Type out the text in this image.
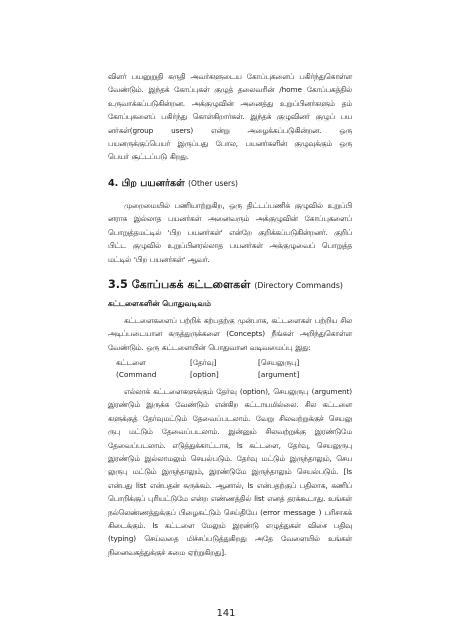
விளர் பயனுறுதி கருதி அவர்களுடைய கோப்புகளைப் பகிர்ந்துகொள்ள வேண்டும். இந்தக் கோப்புகள் குழுத் தலைவரின் /home கோப்பகத்தில் உருவாக்கப்படுகின்றன. அக்குழுவின் அனைத்து உறுப்பினர்களும் தம் கோப்புகளைப் பகிர்ந்து கொள்கிறார்கள். இந்தக் குழுவினர் குழுப் பய னர்கள்(group users) என்று அழைக்கப்படுகின்றன. ஒரு பயனருக்குப்பெயர் இருப்பது போல, பயனர்களின் குழுவுக்கும் ஒரு பெயர் சூட்டப்படு கிறது.

4. பிற பயனர்கள் (Other users)

முறைமையில் பணியாற்றுகிற, ஒரு திட்டப்பணிக் குழுவில் உறுப்பி னராக இல்லாத பயனர்கள் அனைவரும் அக்குழுவின் கோப்புகளைப் பொறுத்தமட்டில் 'பிற பயனர்கள்' என்றே குறிக்கப்படுகின்றனர். குறிப் பிட்ட குழுவில் உறுப்பினரல்லாத பயனர்கள் அக்குழுவைப் பொறுத்த மட்டில் 'பிற பயனர்கள்' ஆவர்.

3.5 கோப்பகக் கட்டளைகள் (Directory Commands)
கட்டளைகளின் பொதுவடிவம்

கட்டளைகளைப் பற்றிக் கற்பதற்கு முன்பாக, கட்டளைகள் பற்றிய சில அடிப்படையான கருத்துருக்களை (Concepts) நீங்கள் அறிந்துகொள்ள வேண்டும். ஒரு கட்டளையின் பொதுவான வடிவமைப்பு இது:

கட்டளை	[தேர்வு]	[செயலுருபு]
(Command	[option]	[argument]

எல்லாக் கட்டளைகளுக்கும் தேர்வு (option), செயலுருபு (argument) இரண்டும் இருக்க வேண்டும் என்கிற கட்டாயமில்லை. சில கட்டளை களுக்குத் தேர்வுமட்டும் தேவைப்படலாம். வேறு சிலவற்றுக்குச் செயலு ருபு மட்டும் தேவைப்படலாம். இன்னும் சிலவற்றுக்கு இரண்டுமே தேவைப்படலாம். எடுத்துக்காட்டாக, ls கட்டளை, தேர்வு, செயலுருபு இரண்டும் இல்லாமலும் செயல்படும். தேர்வு மட்டும் இருந்தாலும், செய லுருபு மட்டும் இருந்தாலும், இரண்டுமே இருந்தாலும் செயல்படும். [ls என்பது list என்பதன் சுருக்கம். ஆனால், ls என்பதற்குப் பதிலாக, கணிப் பொறிக்குப் புரியட்டுமே என்ற எண்ணத்தில் list எனத் தரக்கூடாது. உங்கள் நல்லெண்ணத்துக்குப் பிழைசுட்டும் செய்தியே (error message ) பரிசாகக் கிடைக்கும். ls கட்டளை மேலும் இரண்டு எழுத்துகள் விசை பதிவு (typing) செய்வதை மிச்சப்படுத்துகிறது அதே வேளையில் உங்கள் நினைவகத்துக்குச் சுமை ஏற்றுகிறது].

141
